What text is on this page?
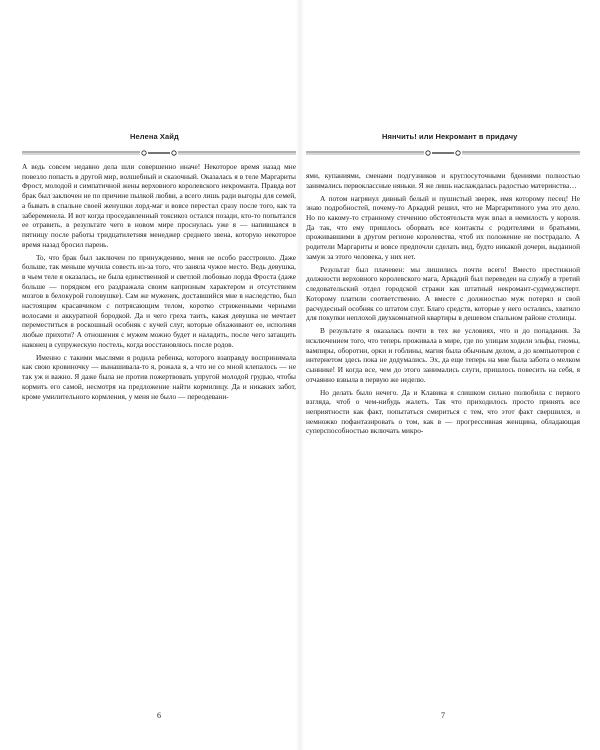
Нелена Хайд

А ведь совсем недавно дела шли совершенно иначе! Некоторое время назад мне повезло попасть в другой мир, волшебный и сказочный. Оказалась я в теле Маргариты Фрост, молодой и симпатичной жены верховного королевского некроманта. Правда вот брак был заключен не по причине пылкой любви, а всего лишь ради выгоды для семей, а бывать в спальне своей женушки лорд-маг и вовсе перестал сразу после того, как та забеременела. И вот когда проседавленный токсикоз остался позади, кто-то попытался ее отравить, в результате чего в новом мире проснулась уже я — напившаяся в пятницу после работы тридцатилетняя менеджер среднего звена, которую некоторое время назад бросил парень.

То, что брак был заключен по принуждению, меня не особо расстроило. Даже больше, так меньше мучила совесть из-за того, что заняла чужое место. Ведь девушка, в чьем теле я оказалась, не была единственной и светлой любовью лорда Фроста (даже больше — порядком его раздражала своим капризным характером и отсутствием мозгов в белокурой головушке). Сам же муженек, доставшийся мне в наследство, был настоящим красавчиком с потрясающим телом, коротко стриженными черными волосами и аккуратной бородкой. Да и чего греха таить, какая девушка не мечтает переместиться в роскошный особняк с кучей слуг, которые обхаживают ее, исполняя любые прихоти? А отношения с мужем можно будет и наладить, после чего затащить наконец в супружескую постель, когда восстановлюсь после родов.

Именно с такими мыслями я родила ребенка, которого взаправду воспринимала как свою кровиночку — вынашивала-то я, рожала я, а что не со мной клепалось — не так уж и важно. Я даже была не против пожертвовать упругой молодой грудью, чтобы кормить его самой, несмотря на предложение найти кормилицу. Да и никаких забот, кроме умилительного кормления, у меня не было — переодевани-

6
Нянчить! или Некромант в придачу

ями, купаниями, сменами подгузников и круглосуточными бдениями полностью занимались первоклассные няньки. Я же лишь наслаждалась радостью материнства…

А потом нагрянул дивный белый и пушистый зверек, имя которому песец! Не знаю подробностей, почему-то Аркадий решил, что не Маргаритиного ума это дело. Но по какому-то странному стечению обстоятельств муж впал в немилость у короля. Да так, что ему пришлось оборвать все контакты с родителями и братьями, проживавшими в другом регионе королевства, чтоб их положение не пострадало. А родители Маргариты и вовсе предпочли сделать вид, будто никакой дочери, выданной замуж за этого человека, у них нет.

Результат был плачевен: мы лишились почти всего! Вместо престижной должности верховного королевского мага, Аркадий был переведен на службу в третий следовательский отдел городской стражи как штатный некромант-судмедэксперт. Которому платили соответственно. А вместе с должностью муж потерял и свой расчудесный особняк со штатом слуг. Благо средств, которые у него остались, хватило для покупки неплохой двухкомнатной квартиры в дешевом спальном районе столицы.

В результате я оказалась почти в тех же условиях, что и до попадания. За исключением того, что теперь проживала в мире, где по улицам ходили эльфы, гномы, вампиры, оборотни, орки и гоблины, магия была обычным делом, а до компьютеров с интернетом здесь пока не додумались. Эх, да еще теперь на мне была забота о мелком сыннике! И когда все, чем до этого занимались слуги, пришлось повесить на себя, я отчаянно взвыла в первую же неделю.

Но делать было нечего. Да и Клавика я слишком сильно полюбила с первого взгляда, чтоб о чем-нибудь жалеть. Так что приходилось просто принять все неприятности как факт, попытаться смириться с тем, что этот факт свершился, и немножко пофантазировать о том, как в — прогрессивная женщина, обладающая суперспособностью включать микро-

7
